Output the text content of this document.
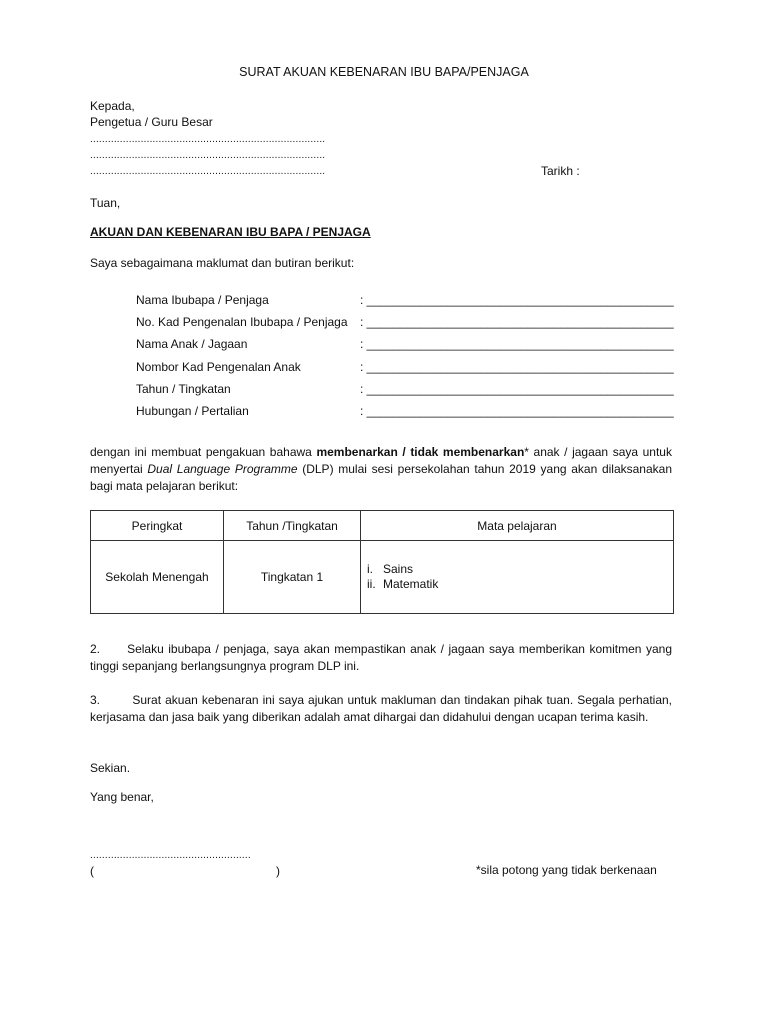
SURAT AKUAN KEBENARAN IBU BAPA/PENJAGA
Kepada,
Pengetua / Guru Besar
...............................................................................
...............................................................................
...............................................................................	Tarikh :
Tuan,
AKUAN DAN KEBENARAN IBU BAPA / PENJAGA
Saya sebagaimana maklumat dan butiran berikut:
Nama Ibubapa / Penjaga	: ______________________________________________
No. Kad Pengenalan Ibubapa / Penjaga : ______________________________________________
Nama Anak / Jagaan	: ______________________________________________
Nombor Kad Pengenalan Anak	: ______________________________________________
Tahun / Tingkatan	: ______________________________________________
Hubungan / Pertalian	: ______________________________________________
dengan ini membuat pengakuan bahawa membenarkan / tidak membenarkan* anak / jagaan saya untuk menyertai Dual Language Programme (DLP) mulai sesi persekolahan tahun 2019 yang akan dilaksanakan bagi mata pelajaran berikut:
Peringkat	Tahun /Tingkatan	Mata pelajaran
Sekolah Menengah	Tingkatan 1	i. Sains
ii. Matematik
2.      Selaku ibubapa / penjaga, saya akan mempastikan anak / jagaan saya memberikan komitmen yang tinggi sepanjang berlangsungnya program DLP ini.
3.        Surat akuan kebenaran ini saya ajukan untuk makluman dan tindakan pihak tuan. Segala perhatian, kerjasama dan jasa baik yang diberikan adalah amat dihargai dan didahului dengan ucapan terima kasih.
Sekian.
Yang benar,
......................................................
(	)	*sila potong yang tidak berkenaan
